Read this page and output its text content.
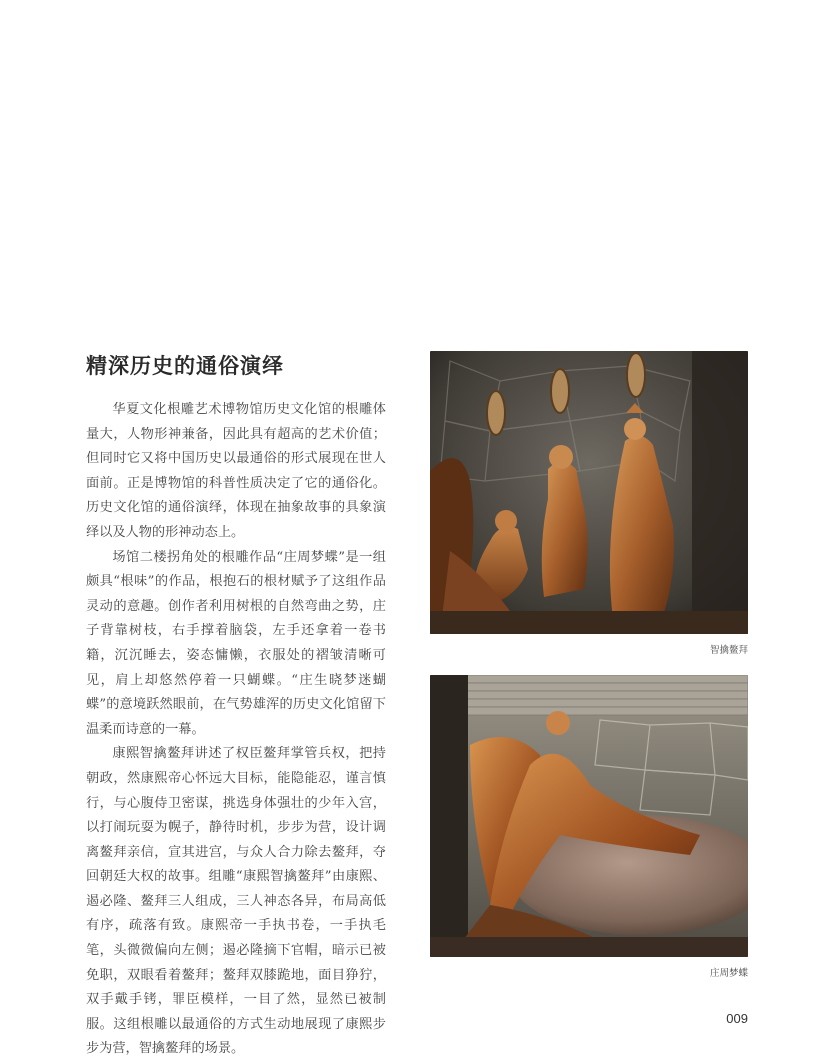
精深历史的通俗演绎

华夏文化根雕艺术博物馆历史文化馆的根雕体量大，人物形神兼备，因此具有超高的艺术价值；但同时它又将中国历史以最通俗的形式展现在世人面前。正是博物馆的科普性质决定了它的通俗化。历史文化馆的通俗演绎，体现在抽象故事的具象演绎以及人物的形神动态上。

场馆二楼拐角处的根雕作品“庄周梦蝶”是一组颇具“根味”的作品，根抱石的根材赋予了这组作品灵动的意趣。创作者利用树根的自然弯曲之势，庄子背靠树枝，右手撑着脑袋，左手还拿着一卷书籍，沉沉睡去，姿态慵懒，衣服处的褶皱清晰可见，肩上却悠然停着一只蝴蝶。“庄生晓梦迷蝴蝶”的意境跃然眼前，在气势雄浑的历史文化馆留下温柔而诗意的一幕。

康熙智擒鳌拜讲述了权臣鳌拜掌管兵权，把持朝政，然康熙帝心怀远大目标，能隐能忍，谨言慎行，与心腹侍卫密谋，挑选身体强壮的少年入宫，以打闹玩耍为幌子，静待时机，步步为营，设计调离鳌拜亲信，宣其进宫，与众人合力除去鳌拜，夺回朝廷大权的故事。组雕“康熙智擒鳌拜”由康熙、遏必隆、鳌拜三人组成，三人神态各异，布局高低有序，疏落有致。康熙帝一手执书卷，一手执毛笔，头微微偏向左侧；遏必隆摘下官帽，暗示已被免职，双眼看着鳌拜；鳌拜双膝跪地，面目狰狞，双手戴手铐，罪臣模样，一目了然，显然已被制服。这组根雕以最通俗的方式生动地展现了康熙步步为营，智擒鳌拜的场景。

智擒鳌拜
庄周梦蝶
009
